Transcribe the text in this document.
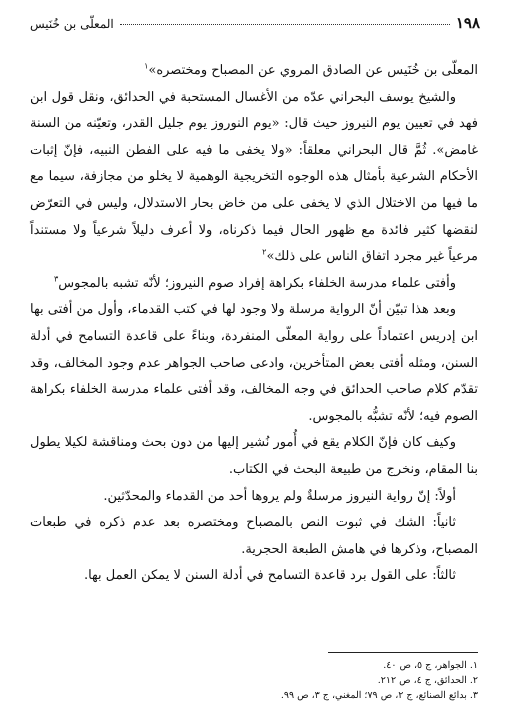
١٩٨
المعلّى بن خُنَيس

المعلّى بن خُنَيس عن الصادق المروي عن المصباح ومختصره»$^١$

والشيخ يوسف البحراني عدّه من الأغسال المستحبة في الحدائق، ونقل قول ابن فهد في تعيين يوم النيروز حيث قال: «يوم النوروز يوم جليل القدر، وتعيّنه من السنة غامض». ثُمَّ قال البحراني معلقاً: «ولا يخفى ما فيه على الفطن النبيه، فإنّ إثبات الأحكام الشرعية بأمثال هذه الوجوه التخريجية الوهمية لا يخلو من مجازفة، سيما مع ما فيها من الاختلال الذي لا يخفى على من خاض بحار الاستدلال، وليس في التعرّض لنقضها كثير فائدة مع ظهور الحال فيما ذكرناه، ولا أعرف دليلاً شرعياً ولا مستنداً مرعياً غير مجرد اتفاق الناس على ذلك»$^٢$

وأفتى علماء مدرسة الخلفاء بكراهة إفراد صوم النيروز؛ لأنّه تشبه بالمجوس$^٣$

وبعد هذا تبيّن أنّ الرواية مرسلة ولا وجود لها في كتب القدماء، وأول من أفتى بها ابن إدريس اعتماداً على رواية المعلّى المنفردة، وبناءً على قاعدة التسامح في أدلة السنن، ومثله أفتى بعض المتأخرين، وادعى صاحب الجواهر عدم وجود المخالف، وقد تقدّم كلام صاحب الحدائق في وجه المخالف، وقد أفتى علماء مدرسة الخلفاء بكراهة الصوم فيه؛ لأنّه تشبُّه بالمجوس.

وكيف كان فإنّ الكلام يقع في أُمور نُشير إليها من دون بحث ومناقشة لكيلا يطول بنا المقام، ونخرج من طبيعة البحث في الكتاب.

أولاً: إنّ رواية النيروز مرسلةٌ ولم يروها أحد من القدماء والمحدّثين.

ثانياً: الشك في ثبوت النص بالمصباح ومختصره بعد عدم ذكره في طبعات المصباح، وذكرها في هامش الطبعة الحجرية.

ثالثاً: على القول برد قاعدة التسامح في أدلة السنن لا يمكن العمل بها.

١. الجواهر، ج ٥، ص ٤٠.
٢. الحدائق، ج ٤، ص ٢١٢.
٣. بدائع الصنائع، ج ٢، ص ٧٩؛ المغني، ج ٣، ص ٩٩.
